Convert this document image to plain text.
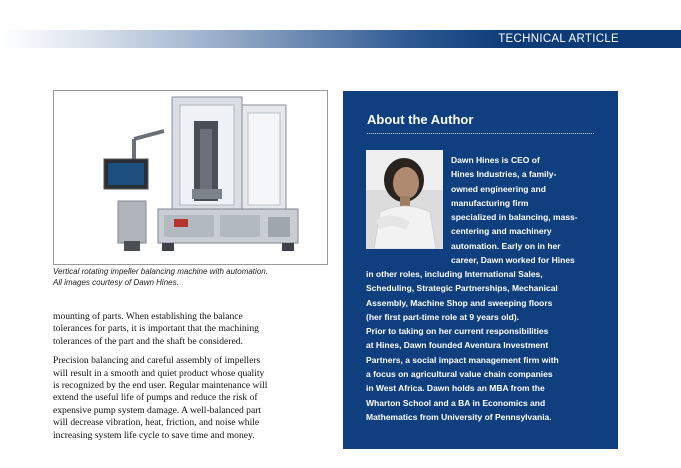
TECHNICAL ARTICLE
Vertical rotating impeller balancing machine with automation.
All images courtesy of Dawn Hines.

mounting of parts. When establishing the balance
tolerances for parts, it is important that the machining
tolerances of the part and the shaft be considered.

Precision balancing and careful assembly of impellers
will result in a smooth and quiet product whose quality
is recognized by the end user. Regular maintenance will
extend the useful life of pumps and reduce the risk of
expensive pump system damage. A well-balanced part
will decrease vibration, heat, friction, and noise while
increasing system life cycle to save time and money.

About the Author
Dawn Hines is CEO of
Hines Industries, a family-
owned engineering and
manufacturing firm
specialized in balancing, mass-
centering and machinery
automation. Early on in her
career, Dawn worked for Hines
in other roles, including International Sales,
Scheduling, Strategic Partnerships, Mechanical
Assembly, Machine Shop and sweeping floors
(her first part-time role at 9 years old).
Prior to taking on her current responsibilities
at Hines, Dawn founded Aventura Investment
Partners, a social impact management firm with
a focus on agricultural value chain companies
in West Africa. Dawn holds an MBA from the
Wharton School and a BA in Economics and
Mathematics from University of Pennsylvania.
